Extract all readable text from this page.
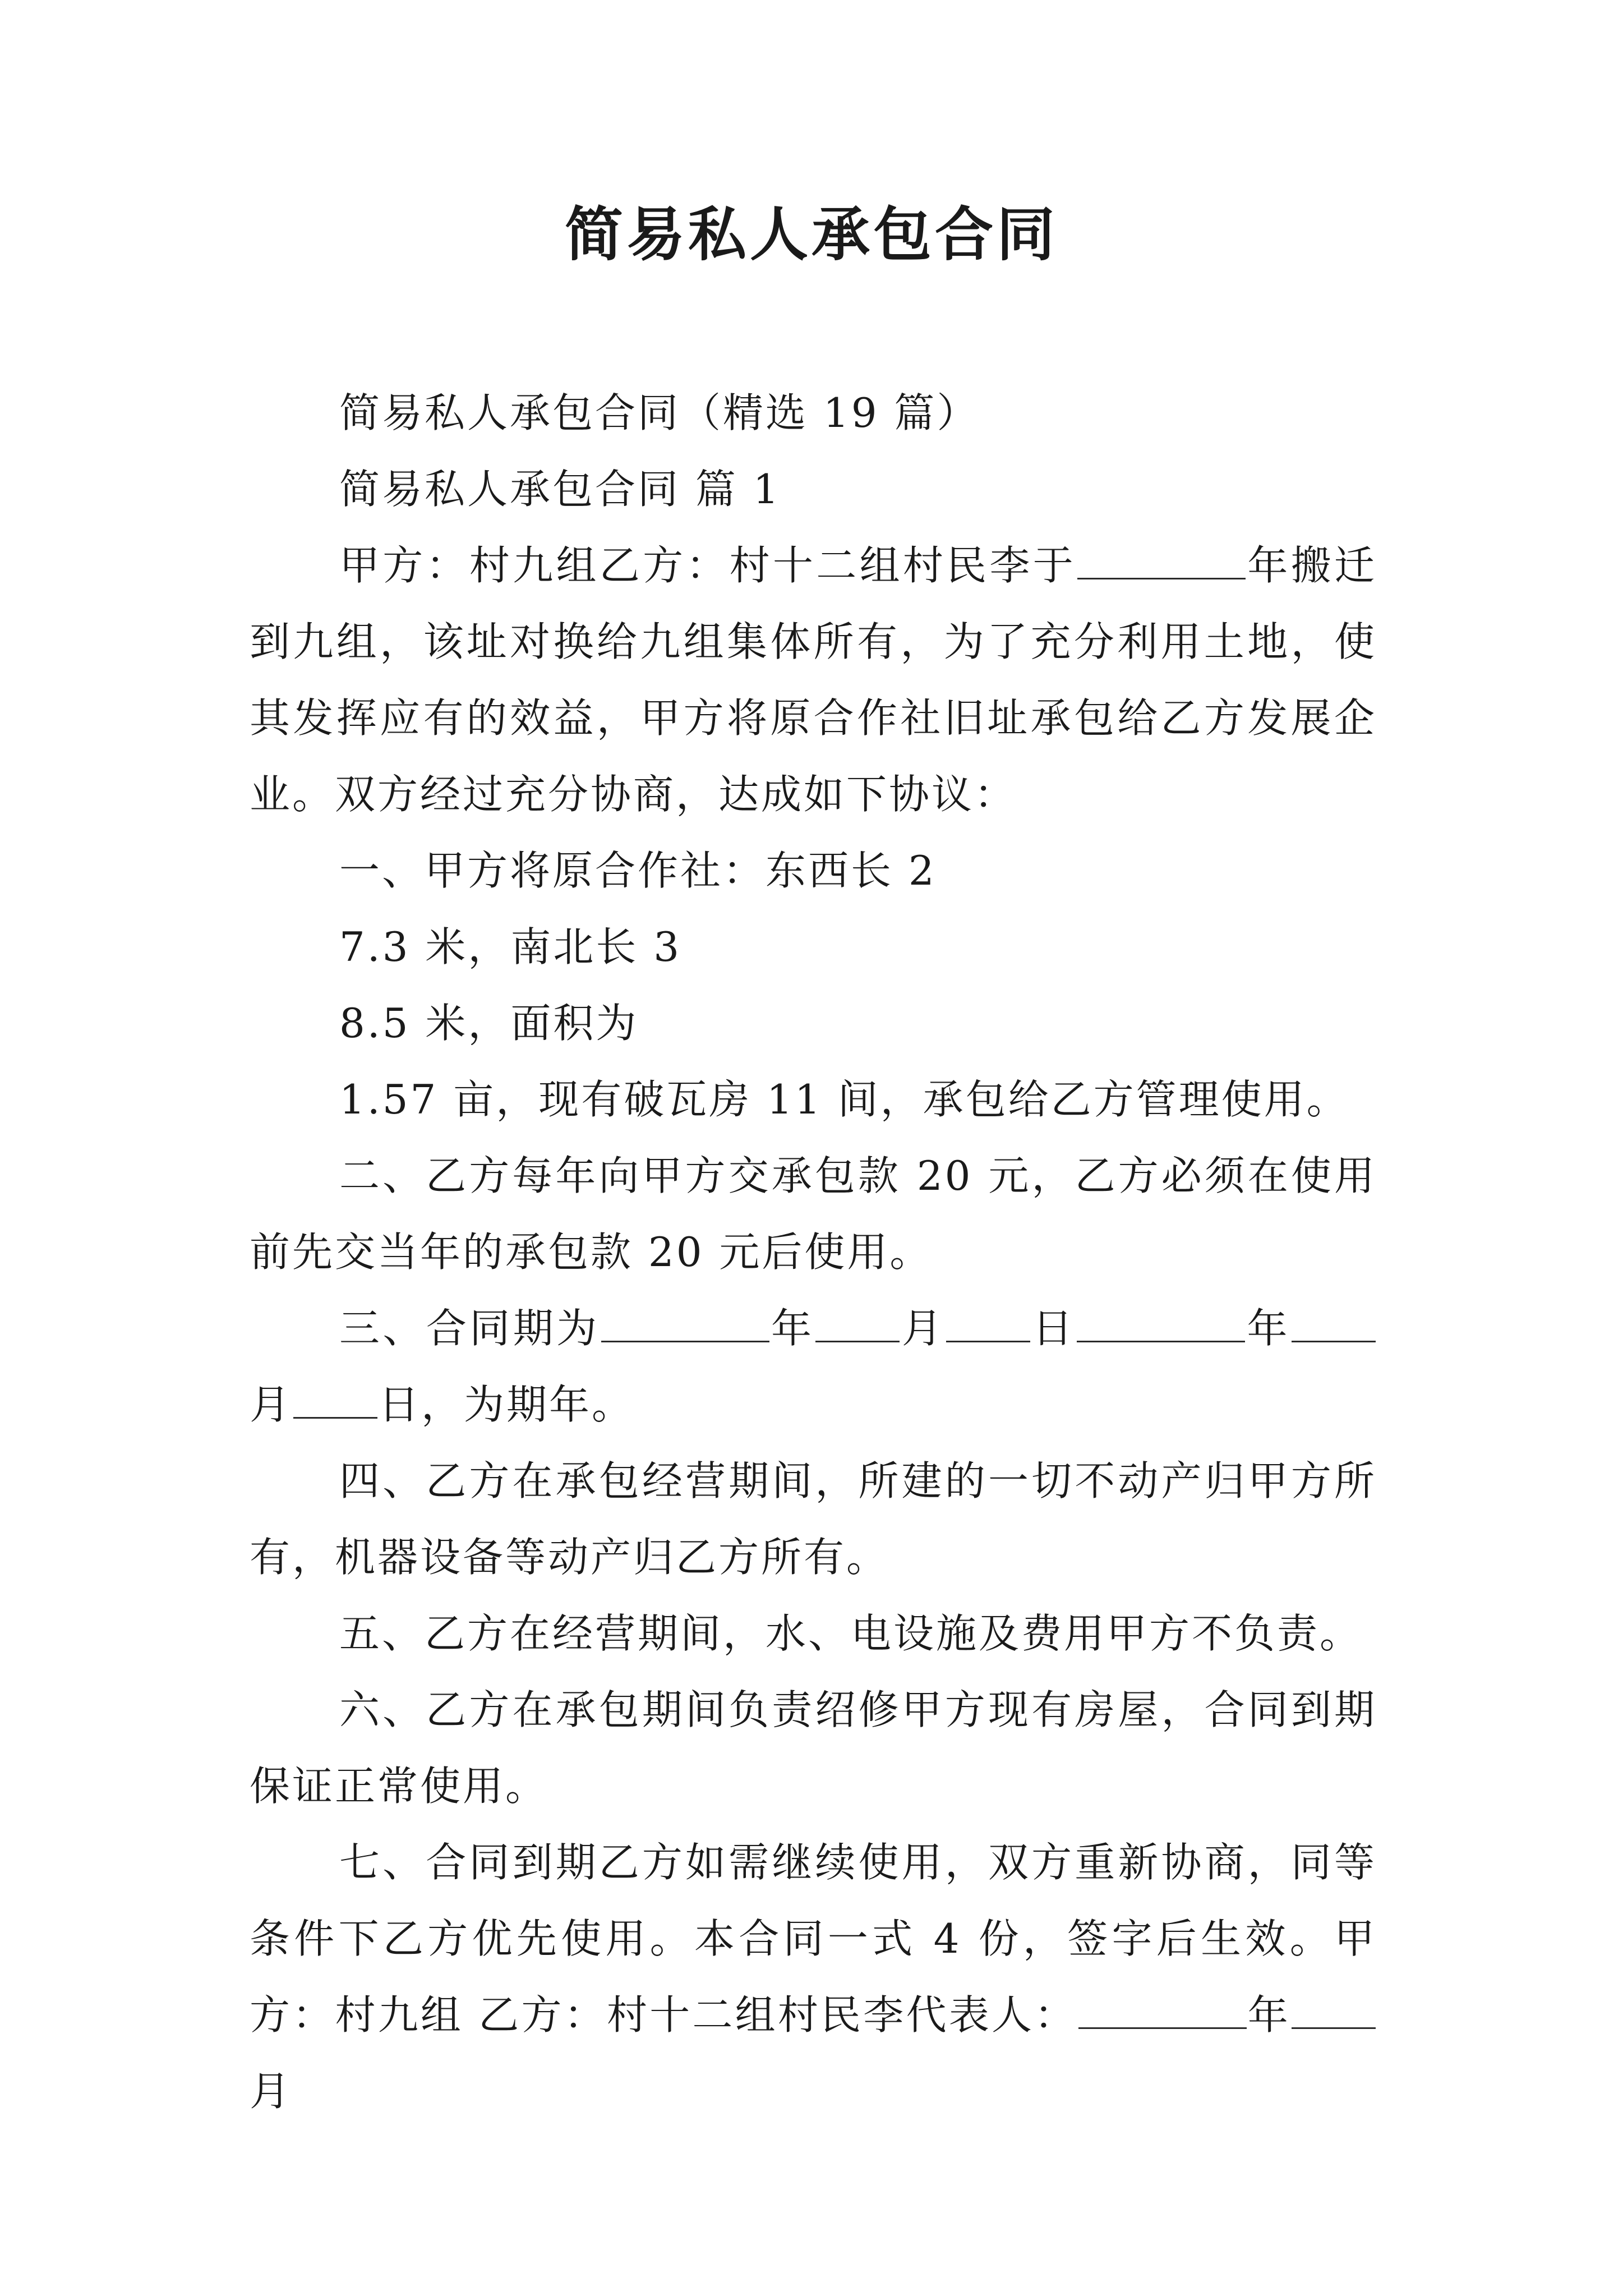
简易私人承包合同

简易私人承包合同（精选 19 篇）

简易私人承包合同 篇 1

甲方：村九组乙方：村十二组村民李于	年搬迁到九组，该址对换给九组集体所有，为了充分利用土地，使其发挥应有的效益，甲方将原合作社旧址承包给乙方发展企业。双方经过充分协商，达成如下协议：

一、甲方将原合作社：东西长 2

7.3 米，南北长 3

8.5 米，面积为

1.57 亩，现有破瓦房 11 间，承包给乙方管理使用。

二、乙方每年向甲方交承包款 20 元，乙方必须在使用前先交当年的承包款 20 元后使用。

三、合同期为	年 月 日	年月 日，为期年。

四、乙方在承包经营期间，所建的一切不动产归甲方所有，机器设备等动产归乙方所有。

五、乙方在经营期间，水、电设施及费用甲方不负责。

六、乙方在承包期间负责绍修甲方现有房屋，合同到期保证正常使用。

七、合同到期乙方如需继续使用，双方重新协商，同等条件下乙方优先使用。本合同一式 4 份，签字后生效。甲方：村九组 乙方：村十二组村民李代表人：	年月
